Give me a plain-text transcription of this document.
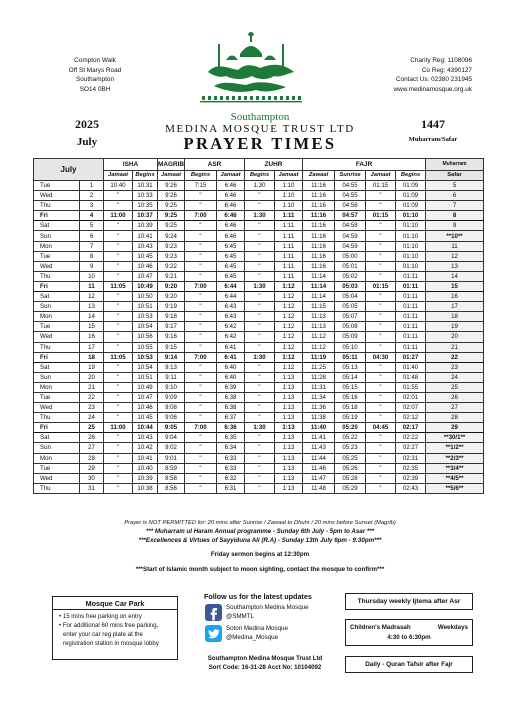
Compton Walk
Off St Marys Road
Southampton
SO14 0BH
Charity Reg: 1108096
Co Reg: 4390127
Contact Us: 02380 231945
www.medinamosque.org.uk
Southampton
MEDINA MOSQUE TRUST LTD
PRAYER TIMES
2025
July
1447
Muharram/Safar
July		ISHA		MAGRIB	ASR		ZUHR		FAJR				Muharram
		Jamaat	Begins	Jamaat	Begins	Jamaat	Begins	Jamaat	Zawaal	Sunrise	Jamaat	Begins	Safar
Tue	1	10:40	10:31	9:26	7:15	6:46	1:30	1:10	11:16	04:55	01:15	01:09	5
Wed	2	"	10:33	9:26	"	6:46	"	1:10	11:16	04:55	"	01:09	6
Thu	3	"	10:35	9:25	"	6:46	"	1:10	11:16	04:56	"	01:09	7
Fri	4	11:00	10:37	9:25	7:00	6:46	1:30	1:11	11:16	04:57	01:15	01:10	8
Sat	5	"	10:39	9:25	"	6:46	"	1:11	11:16	04:58	"	01:10	9
Sun	6	"	10:41	9:24	"	6:46	"	1:11	11:16	04:59	"	01:10	**10**
Mon	7	"	10:43	9:23	"	6:45	"	1:11	11:16	04:59	"	01:10	11
Tue	8	"	10:45	9:23	"	6:45	"	1:11	11:16	05:00	"	01:10	12
Wed	9	"	10:46	9:22	"	6:45	"	1:11	11:16	05:01	"	01:10	13
Thu	10	"	10:47	9:21	"	6:45	"	1:11	11:14	05:02	"	01:11	14
Fri	11	11:05	10:49	9:20	7:00	6:44	1:30	1:12	11:14	05:03	01:15	01:11	15
Sat	12	"	10:50	9:20	"	6:44	"	1:12	11:14	05:04	"	01:11	16
Sun	13	"	10:51	9:19	"	6:43	"	1:12	11:15	05:05	"	01:11	17
Mon	14	"	10:53	9:18	"	6:43	"	1:12	11:13	05:07	"	01:11	18
Tue	15	"	10:54	9:17	"	6:42	"	1:12	11:13	05:08	"	01:11	19
Wed	16	"	10:56	9:16	"	6:42	"	1:12	11:12	05:09	"	01:11	20
Thu	17	"	10:55	9:15	"	6:41	"	1:12	11:12	05:10	"	01:11	21
Fri	18	11:05	10:53	9:14	7:00	6:41	1:30	1:12	11:19	05:11	04:30	01:27	22
Sat	19	"	10:54	9:13	"	6:40	"	1:12	11:25	05:13	"	01:40	23
Sun	20	"	10:51	9:11	"	6:40	"	1:13	11:28	05:14	"	01:48	24
Mon	21	"	10:49	9:10	"	6:39	"	1:13	11:31	05:15	"	01:55	25
Tue	22	"	10:47	9:09	"	6:38	"	1:13	11:34	05:16	"	02:01	26
Wed	23	"	10:46	9:08	"	6:38	"	1:13	11:36	05:18	"	02:07	27
Thu	24	"	10:45	9:06	"	6:37	"	1:13	11:38	05:19	"	02:12	28
Fri	25	11:00	10:44	9:05	7:00	6:36	1:30	1:13	11:40	05:20	04:45	02:17	29
Sat	26	"	10:43	9:04	"	6:35	"	1:13	11:41	05:22	"	02:22	**30/1**
Sun	27	"	10:42	9:02	"	6:34	"	1:13	11:43	05:23	"	02:27	**1/2**
Mon	28	"	10:41	9:01	"	6:33	"	1:13	11:44	05:25	"	02:31	**2/3**
Tue	29	"	10:40	8:59	"	6:33	"	1:13	11:46	05:26	"	02:35	**3/4**
Wed	30	"	10:39	8:58	"	6:32	"	1:13	11:47	05:28	"	02:39	**4/5**
Thu	31	"	10:38	8:56	"	6:31	"	1:13	11:48	05:29	"	02:43	**5/6**
Prayer is NOT PERMITTED for: 20 mins after Sunrise / Zawaal to Dhuhr / 20 mins before Sunset (Magrib)
*** Muharram ul Haram Annual programme - Sunday 6th July - 5pm to Asar ***
***Excellences & Virtues of Sayyiduna Ali (R.A) - Sunday 13th July 6pm - 9:30pm***
Friday sermon begins at 12:30pm
***Start of Islamic month subject to moon sighting, contact the mosque to confirm***
Mosque Car Park
• 15 mins free parking on entry
• For additional 60 mins free parking,
enter your car reg plate at the
registration station in mosque lobby
Follow us for the latest updates
Southampton Medina Mosque
@SMMTL
Soton Medina Mosque
@Medina_Mosque
Southampton Medina Mosque Trust Ltd
Sort Code: 16-31-28 Acct No: 10104092
Thursday weekly Ijtema after Asr
Children's Madrasah	Weekdays
4:30 to 6:30pm
Daily - Quran Tafsir after Fajr
